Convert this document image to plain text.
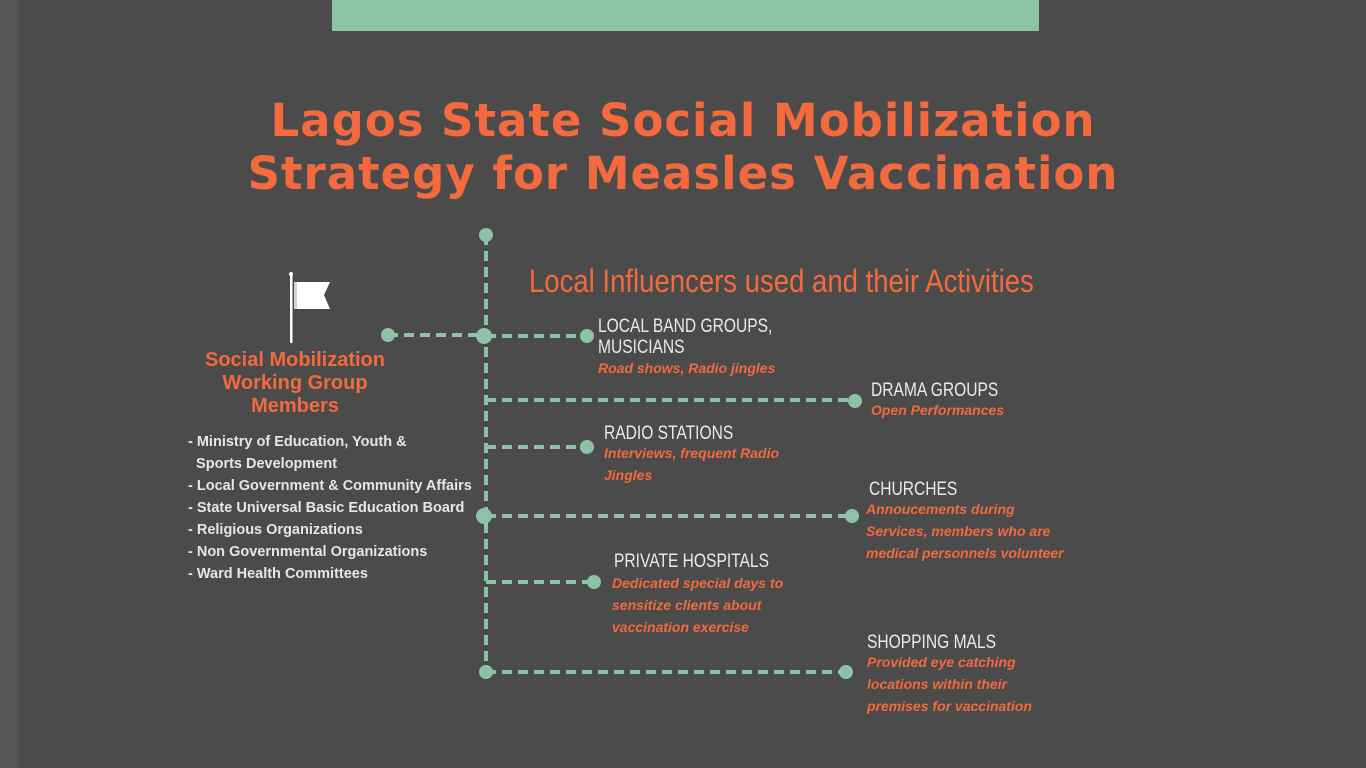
Lagos State Social Mobilization
Strategy for Measles Vaccination
Local Influencers used and their Activities
Social Mobilization
Working Group
Members

- Ministry of Education, Youth &
Sports Development

- Local Government & Community Affairs

- State Universal Basic Education Board

- Religious Organizations

- Non Governmental Organizations

- Ward Health Committees

LOCAL BAND GROUPS,
MUSICIANS
Road shows, Radio jingles
DRAMA GROUPS
Open Performances
RADIO STATIONS
Interviews, frequent Radio
Jingles
CHURCHES
Annoucements during
Services, members who are
medical personnels volunteer
PRIVATE HOSPITALS
Dedicated special days to
sensitize clients about
vaccination exercise
SHOPPING MALS
Provided eye catching
locations within their
premises for vaccination
